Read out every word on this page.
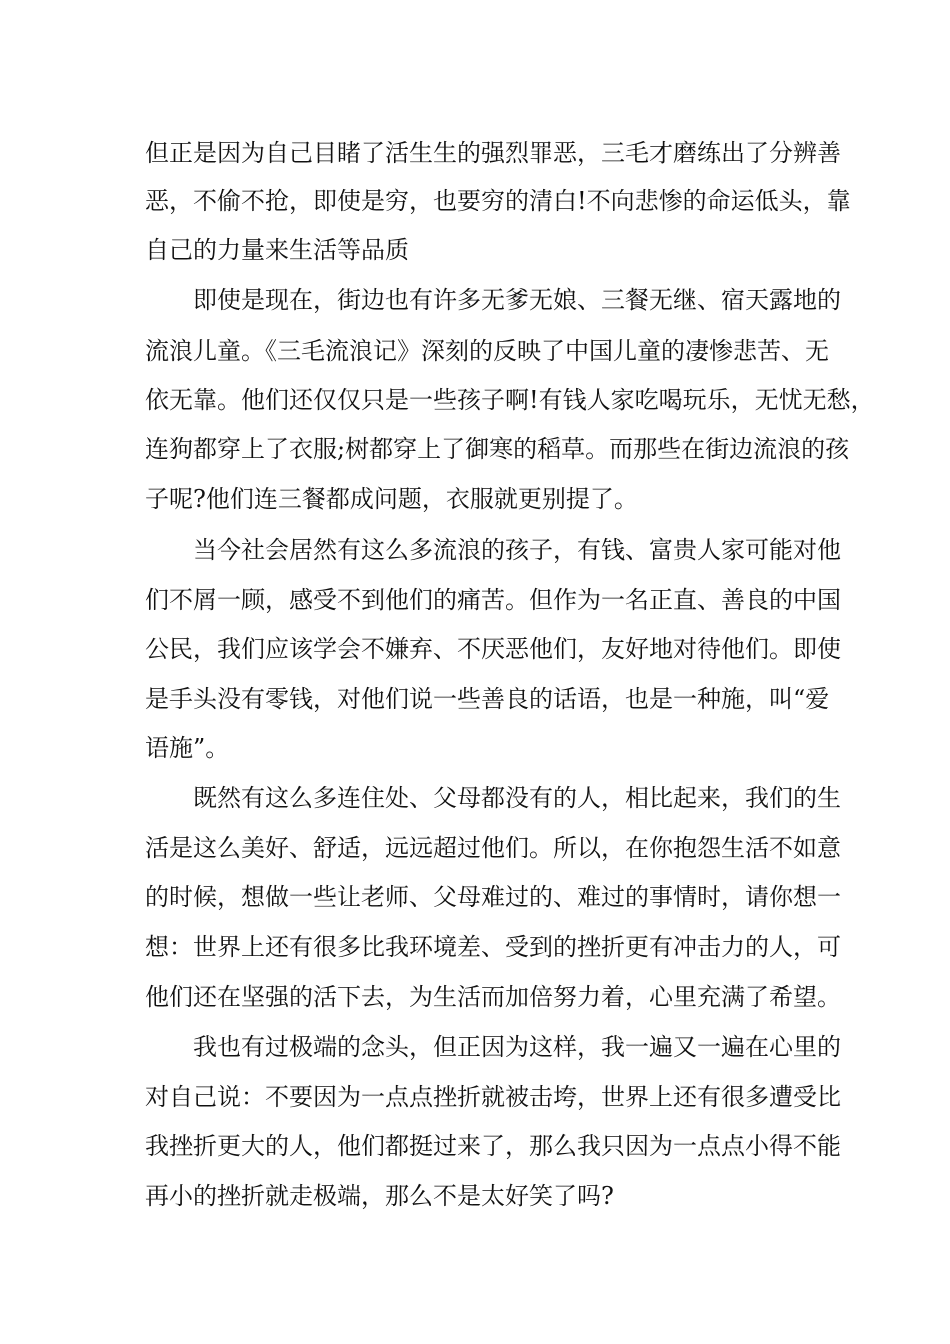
但正是因为自己目睹了活生生的强烈罪恶，三毛才磨练出了分辨善
恶，不偷不抢，即使是穷，也要穷的清白!不向悲惨的命运低头，靠
自己的力量来生活等品质
即使是现在，街边也有许多无爹无娘、三餐无继、宿天露地的
流浪儿童。《三毛流浪记》深刻的反映了中国儿童的凄惨悲苦、无
依无靠。他们还仅仅只是一些孩子啊!有钱人家吃喝玩乐，无忧无愁，
连狗都穿上了衣服;树都穿上了御寒的稻草。而那些在街边流浪的孩
子呢?他们连三餐都成问题，衣服就更别提了。
当今社会居然有这么多流浪的孩子，有钱、富贵人家可能对他
们不屑一顾，感受不到他们的痛苦。但作为一名正直、善良的中国
公民，我们应该学会不嫌弃、不厌恶他们，友好地对待他们。即使
是手头没有零钱，对他们说一些善良的话语，也是一种施，叫“爱
语施”。
既然有这么多连住处、父母都没有的人，相比起来，我们的生
活是这么美好、舒适，远远超过他们。所以，在你抱怨生活不如意
的时候，想做一些让老师、父母难过的、难过的事情时，请你想一
想：世界上还有很多比我环境差、受到的挫折更有冲击力的人，可
他们还在坚强的活下去，为生活而加倍努力着，心里充满了希望。
我也有过极端的念头，但正因为这样，我一遍又一遍在心里的
对自己说：不要因为一点点挫折就被击垮，世界上还有很多遭受比
我挫折更大的人，他们都挺过来了，那么我只因为一点点小得不能
再小的挫折就走极端，那么不是太好笑了吗?
